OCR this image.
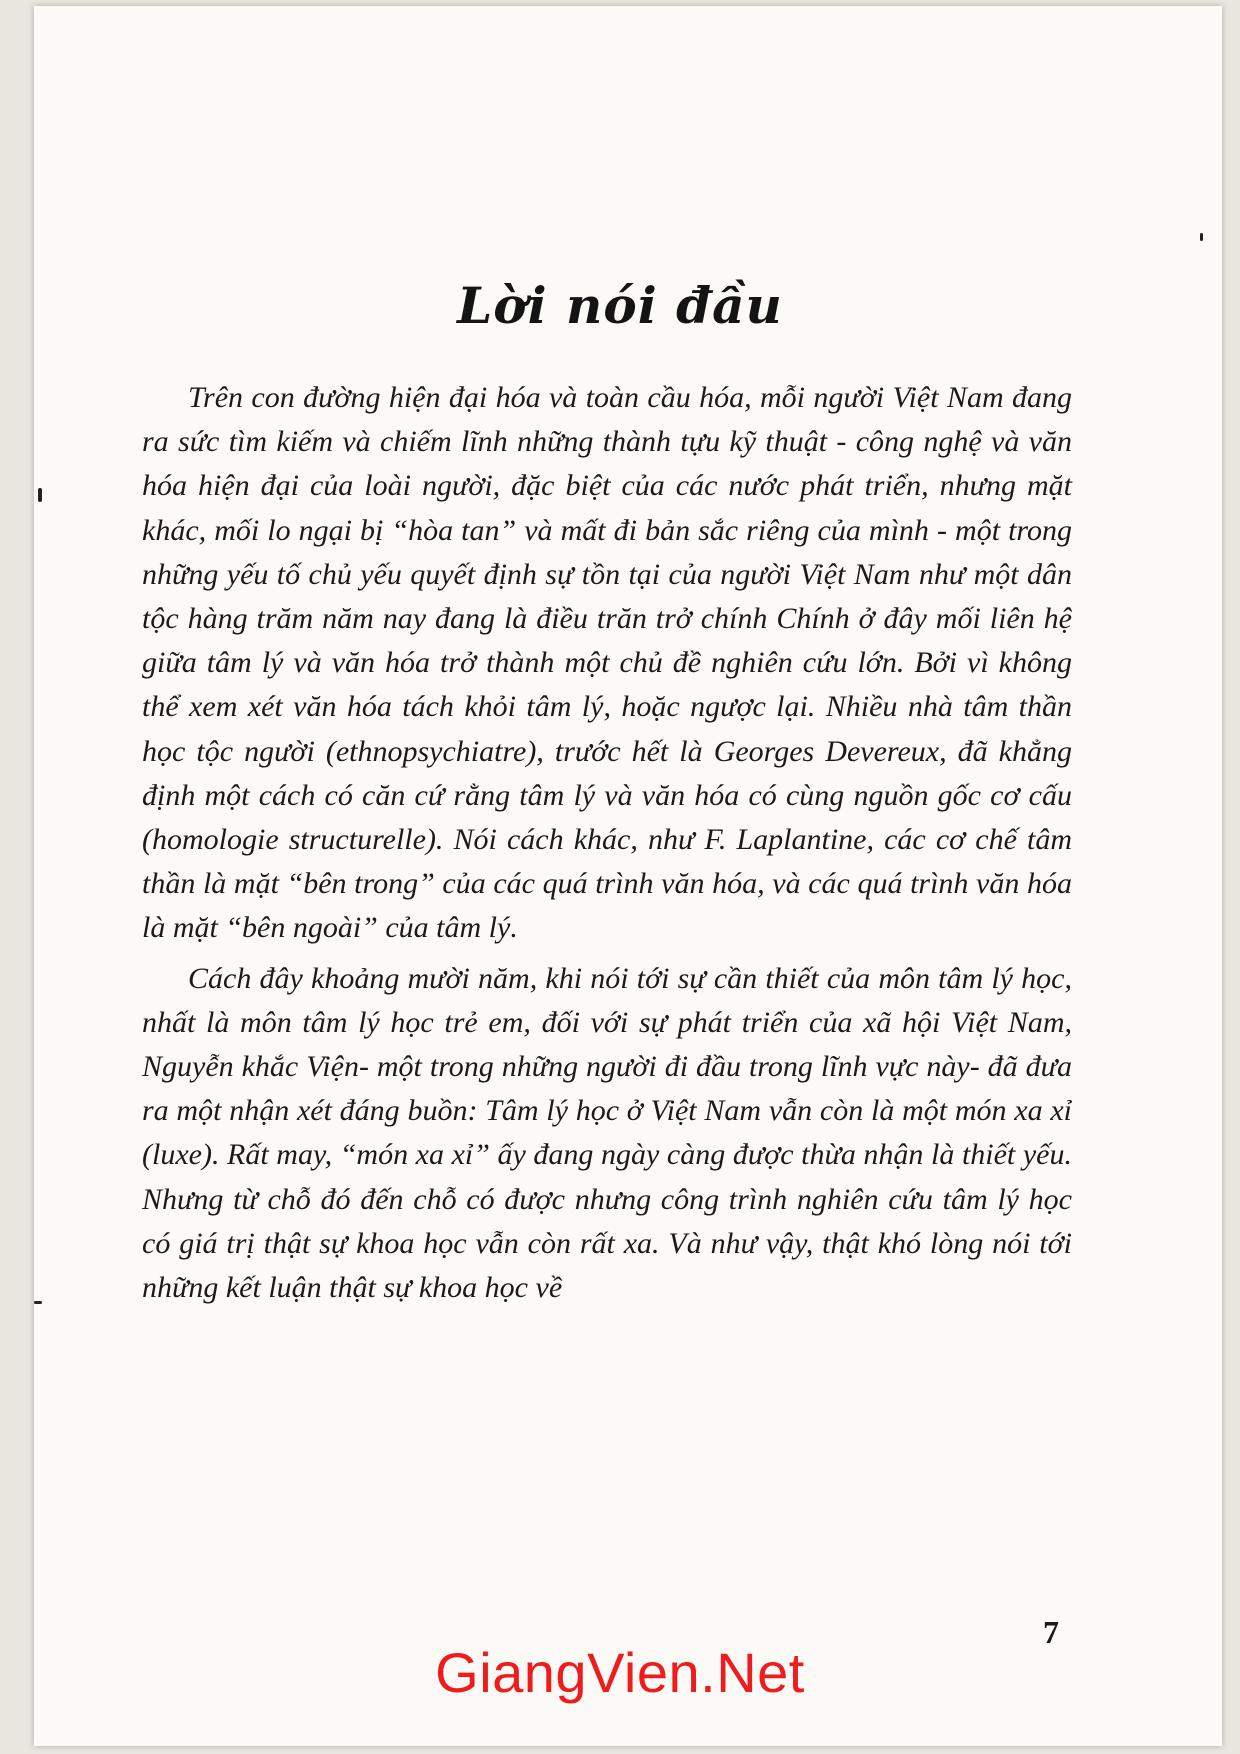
Lời nói đầu

Trên con đường hiện đại hóa và toàn cầu hóa, mỗi người Việt Nam đang ra sức tìm kiếm và chiếm lĩnh những thành tựu kỹ thuật - công nghệ và văn hóa hiện đại của loài người, đặc biệt của các nước phát triển, nhưng mặt khác, mối lo ngại bị “hòa tan” và mất đi bản sắc riêng của mình - một trong những yếu tố chủ yếu quyết định sự tồn tại của người Việt Nam như một dân tộc hàng trăm năm nay đang là điều trăn trở chính Chính ở đây mối liên hệ giữa tâm lý và văn hóa trở thành một chủ đề nghiên cứu lớn. Bởi vì không thể xem xét văn hóa tách khỏi tâm lý, hoặc ngược lại. Nhiều nhà tâm thần học tộc người (ethnopsychiatre), trước hết là Georges Devereux, đã khẳng định một cách có căn cứ rằng tâm lý và văn hóa có cùng nguồn gốc cơ cấu (homologie structurelle). Nói cách khác, như F. Laplantine, các cơ chế tâm thần là mặt “bên trong” của các quá trình văn hóa, và các quá trình văn hóa là mặt “bên ngoài” của tâm lý.

Cách đây khoảng mười năm, khi nói tới sự cần thiết của môn tâm lý học, nhất là môn tâm lý học trẻ em, đối với sự phát triển của xã hội Việt Nam, Nguyễn khắc Viện- một trong những người đi đầu trong lĩnh vực này- đã đưa ra một nhận xét đáng buồn: Tâm lý học ở Việt Nam vẫn còn là một món xa xỉ (luxe). Rất may, “món xa xỉ” ấy đang ngày càng được thừa nhận là thiết yếu. Nhưng từ chỗ đó đến chỗ có được nhưng công trình nghiên cứu tâm lý học có giá trị thật sự khoa học vẫn còn rất xa. Và như vậy, thật khó lòng nói tới những kết luận thật sự khoa học về

7
GiangVien.Net
